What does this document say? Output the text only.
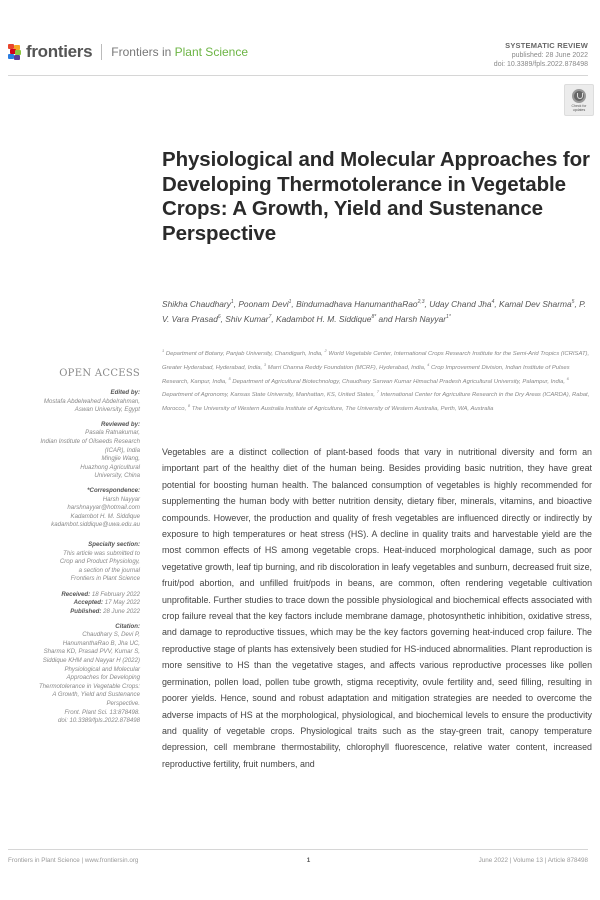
frontiers Frontiers in Plant Science	SYSTEMATIC REVIEW
published: 28 June 2022
doi: 10.3389/fpls.2022.878498
Check for updates
Physiological and Molecular Approaches for Developing Thermotolerance in Vegetable Crops: A Growth, Yield and Sustenance Perspective
Shikha Chaudhary$^1$, Poonam Devi$^1$, Bindumadhava HanumanthaRao$^{2,3}$, Uday Chand Jha$^4$, Kamal Dev Sharma$^5$, P. V. Vara Prasad$^6$, Shiv Kumar$^7$, Kadambot H. M. Siddique$^{8*}$ and Harsh Nayyar$^{1*}$
$^1$ Department of Botany, Panjab University, Chandigarh, India, $^2$ World Vegetable Center, International Crops Research Institute for the Semi-Arid Tropics (ICRISAT), Greater Hyderabad, Hyderabad, India, $^3$ Marri Channa Reddy Foundation (MCRF), Hyderabad, India, $^4$ Crop Improvement Division, Indian Institute of Pulses Research, Kanpur, India, $^5$ Department of Agricultural Biotechnology, Chaudhary Sarwan Kumar Himachal Pradesh Agricultural University, Palampur, India, $^6$ Department of Agronomy, Kansas State University, Manhattan, KS, United States, $^7$ International Center for Agriculture Research in the Dry Areas (ICARDA), Rabat, Morocco, $^8$ The University of Western Australia Institute of Agriculture, The University of Western Australia, Perth, WA, Australia
OPEN ACCESS
Edited by:
Mostafa Abdelwahed Abdelrahman,
Aswan University, Egypt
Reviewed by:
Pasala Ratnakumar,
Indian Institute of Oilseeds Research
(ICAR), India
Mingjie Wang,
Huazhong Agricultural
University, China
*Correspondence:
Harsh Nayyar
harshnayyar@hotmail.com
Kadambot H. M. Siddique
kadambot.siddique@uwa.edu.au
Specialty section:
This article was submitted to
Crop and Product Physiology,
a section of the journal
Frontiers in Plant Science
Received: 18 February 2022
Accepted: 17 May 2022
Published: 28 June 2022
Citation:
Chaudhary S, Devi P,
HanumanthaRao B, Jha UC,
Sharma KD, Prasad PVV, Kumar S,
Siddique KHM and Nayyar H (2022)
Physiological and Molecular
Approaches for Developing
Thermotolerance in Vegetable Crops:
A Growth, Yield and Sustenance
Perspective.
Front. Plant Sci. 13:878498.
doi: 10.3389/fpls.2022.878498

Vegetables are a distinct collection of plant-based foods that vary in nutritional diversity and form an important part of the healthy diet of the human being. Besides providing basic nutrition, they have great potential for boosting human health. The balanced consumption of vegetables is highly recommended for supplementing the human body with better nutrition density, dietary fiber, minerals, vitamins, and bioactive compounds. However, the production and quality of fresh vegetables are influenced directly or indirectly by exposure to high temperatures or heat stress (HS). A decline in quality traits and harvestable yield are the most common effects of HS among vegetable crops. Heat-induced morphological damage, such as poor vegetative growth, leaf tip burning, and rib discoloration in leafy vegetables and sunburn, decreased fruit size, fruit/pod abortion, and unfilled fruit/pods in beans, are common, often rendering vegetable cultivation unprofitable. Further studies to trace down the possible physiological and biochemical effects associated with crop failure reveal that the key factors include membrane damage, photosynthetic inhibition, oxidative stress, and damage to reproductive tissues, which may be the key factors governing heat-induced crop failure. The reproductive stage of plants has extensively been studied for HS-induced abnormalities. Plant reproduction is more sensitive to HS than the vegetative stages, and affects various reproductive processes like pollen germination, pollen load, pollen tube growth, stigma receptivity, ovule fertility and, seed filling, resulting in poorer yields. Hence, sound and robust adaptation and mitigation strategies are needed to overcome the adverse impacts of HS at the morphological, physiological, and biochemical levels to ensure the productivity and quality of vegetable crops. Physiological traits such as the stay-green trait, canopy temperature depression, cell membrane thermostability, chlorophyll fluorescence, relative water content, increased reproductive fertility, fruit numbers, and

Frontiers in Plant Science | www.frontiersin.org	1	June 2022 | Volume 13 | Article 878498
